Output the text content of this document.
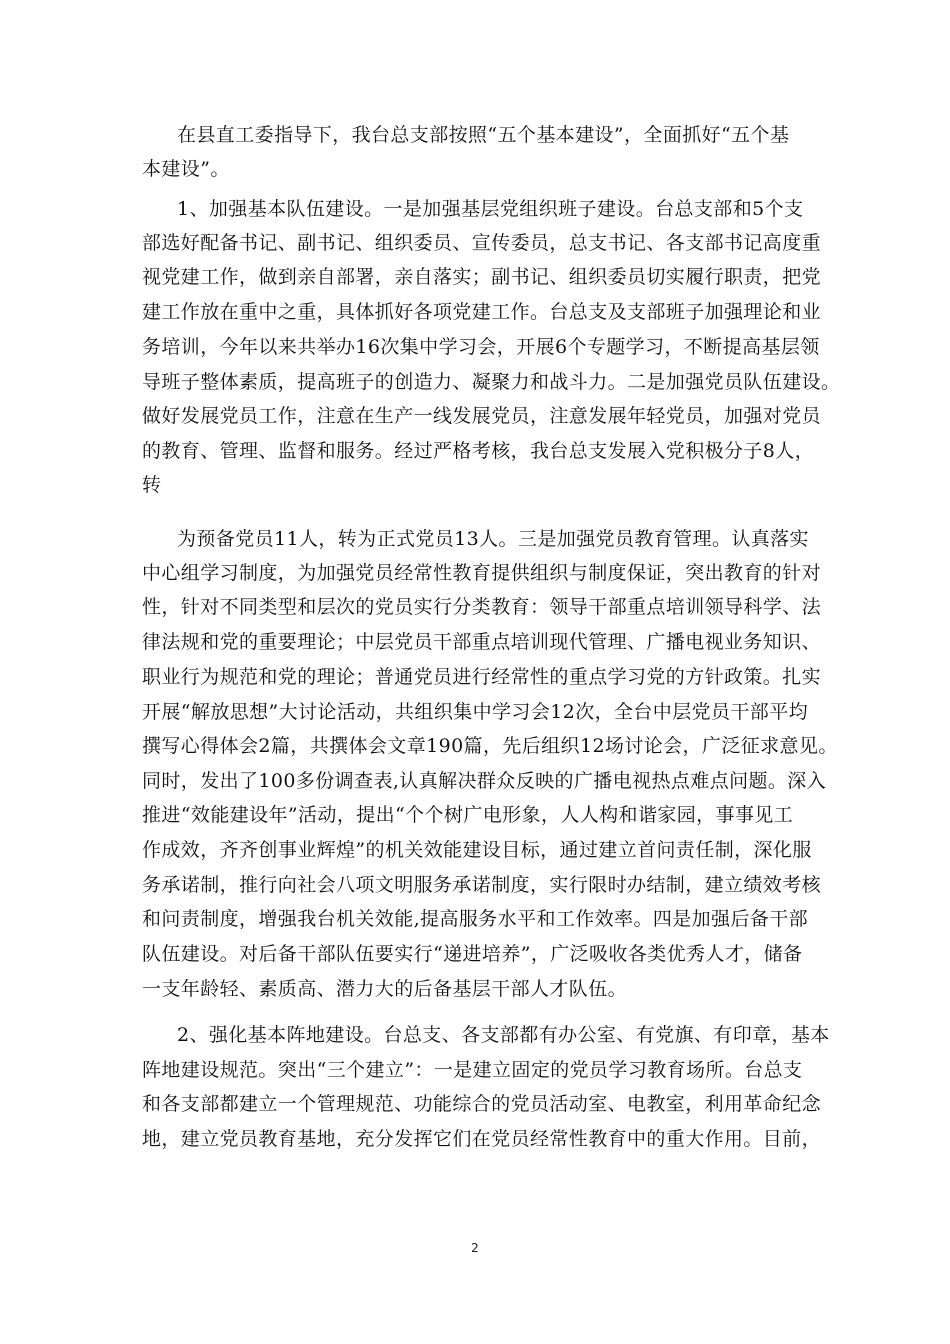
在县直工委指导下，我台总支部按照“五个基本建设”，全面抓好“五个基
本建设”。
1、加强基本队伍建设。一是加强基层党组织班子建设。台总支部和5个支
部选好配备书记、副书记、组织委员、宣传委员，总支书记、各支部书记高度重
视党建工作，做到亲自部署，亲自落实；副书记、组织委员切实履行职责，把党
建工作放在重中之重，具体抓好各项党建工作。台总支及支部班子加强理论和业
务培训，今年以来共举办16次集中学习会，开展6个专题学习，不断提高基层领
导班子整体素质，提高班子的创造力、凝聚力和战斗力。二是加强党员队伍建设。
做好发展党员工作，注意在生产一线发展党员，注意发展年轻党员，加强对党员
的教育、管理、监督和服务。经过严格考核，我台总支发展入党积极分子8人，
转
为预备党员11人，转为正式党员13人。三是加强党员教育管理。认真落实
中心组学习制度，为加强党员经常性教育提供组织与制度保证，突出教育的针对
性，针对不同类型和层次的党员实行分类教育：领导干部重点培训领导科学、法
律法规和党的重要理论；中层党员干部重点培训现代管理、广播电视业务知识、
职业行为规范和党的理论；普通党员进行经常性的重点学习党的方针政策。扎实
开展“解放思想”大讨论活动，共组织集中学习会12次，全台中层党员干部平均
撰写心得体会2篇，共撰体会文章190篇，先后组织12场讨论会，广泛征求意见。
同时，发出了100多份调查表,认真解决群众反映的广播电视热点难点问题。深入
推进“效能建设年”活动，提出“个个树广电形象，人人构和谐家园，事事见工
作成效，齐齐创事业辉煌”的机关效能建设目标，通过建立首问责任制，深化服
务承诺制，推行向社会八项文明服务承诺制度，实行限时办结制，建立绩效考核
和问责制度，增强我台机关效能,提高服务水平和工作效率。四是加强后备干部
队伍建设。对后备干部队伍要实行“递进培养”，广泛吸收各类优秀人才，储备
一支年龄轻、素质高、潜力大的后备基层干部人才队伍。
2、强化基本阵地建设。台总支、各支部都有办公室、有党旗、有印章，基本
阵地建设规范。突出“三个建立”：一是建立固定的党员学习教育场所。台总支
和各支部都建立一个管理规范、功能综合的党员活动室、电教室，利用革命纪念
地，建立党员教育基地，充分发挥它们在党员经常性教育中的重大作用。目前，
2
